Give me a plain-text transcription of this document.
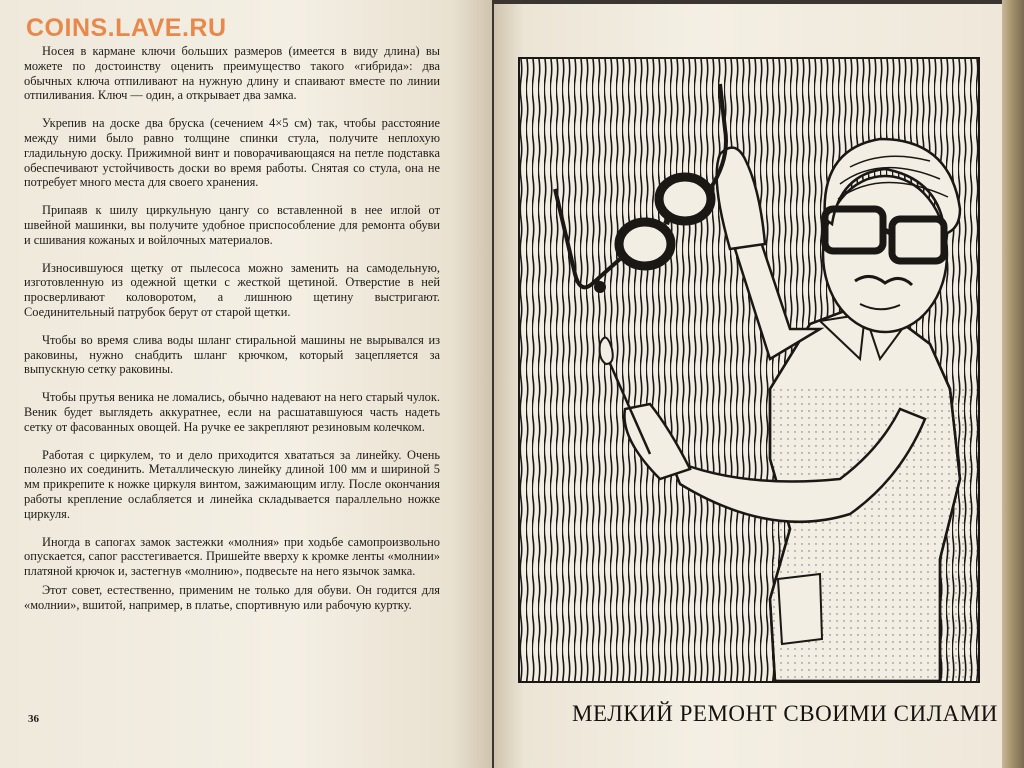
COINS.LAVE.RU

Носея в кармане ключи больших размеров (имеется в виду длина) вы можете по достоинству оценить преимущество такого «гибрида»: два обычных ключа отпиливают на нужную длину и спаивают вместе по линии отпиливания. Ключ — один, а открывает два замка.

Укрепив на доске два бруска (сечением 4×5 см) так, чтобы расстояние между ними было равно толщине спинки стула, получите неплохую гладильную доску. Прижимной винт и поворачивающаяся на петле подставка обеспечивают устойчивость доски во время работы. Снятая со стула, она не потребует много места для своего хранения.

Припаяв к шилу циркульную цангу со вставленной в нее иглой от швейной машинки, вы получите удобное приспособление для ремонта обуви и сшивания кожаных и войлочных материалов.

Износившуюся щетку от пылесоса можно заменить на самодельную, изготовленную из одежной щетки с жесткой щетиной. Отверстие в ней просверливают коловоротом, а лишнюю щетину выстригают. Соединительный патрубок берут от старой щетки.

Чтобы во время слива воды шланг стиральной машины не вырывался из раковины, нужно снабдить шланг крючком, который зацепляется за выпускную сетку раковины.

Чтобы прутья веника не ломались, обычно надевают на него старый чулок. Веник будет выглядеть аккуратнее, если на расшатавшуюся часть надеть сетку от фасованных овощей. На ручке ее закрепляют резиновым колечком.

Работая с циркулем, то и дело приходится хвататься за линейку. Очень полезно их соединить. Металлическую линейку длиной 100 мм и шириной 5 мм прикрепите к ножке циркуля винтом, зажимающим иглу. После окончания работы крепление ослабляется и линейка складывается параллельно ножке циркуля.

Иногда в сапогах замок застежки «молния» при ходьбе самопроизвольно опускается, сапог расстегивается. Пришейте вверху к кромке ленты «молнии» платяной крючок и, застегнув «молнию», подвесьте на него язычок замка.

Этот совет, естественно, применим не только для обуви. Он годится для «молнии», вшитой, например, в платье, спортивную или рабочую куртку.

36	МЕЛКИЙ РЕМОНТ СВОИМИ СИЛАМИ
